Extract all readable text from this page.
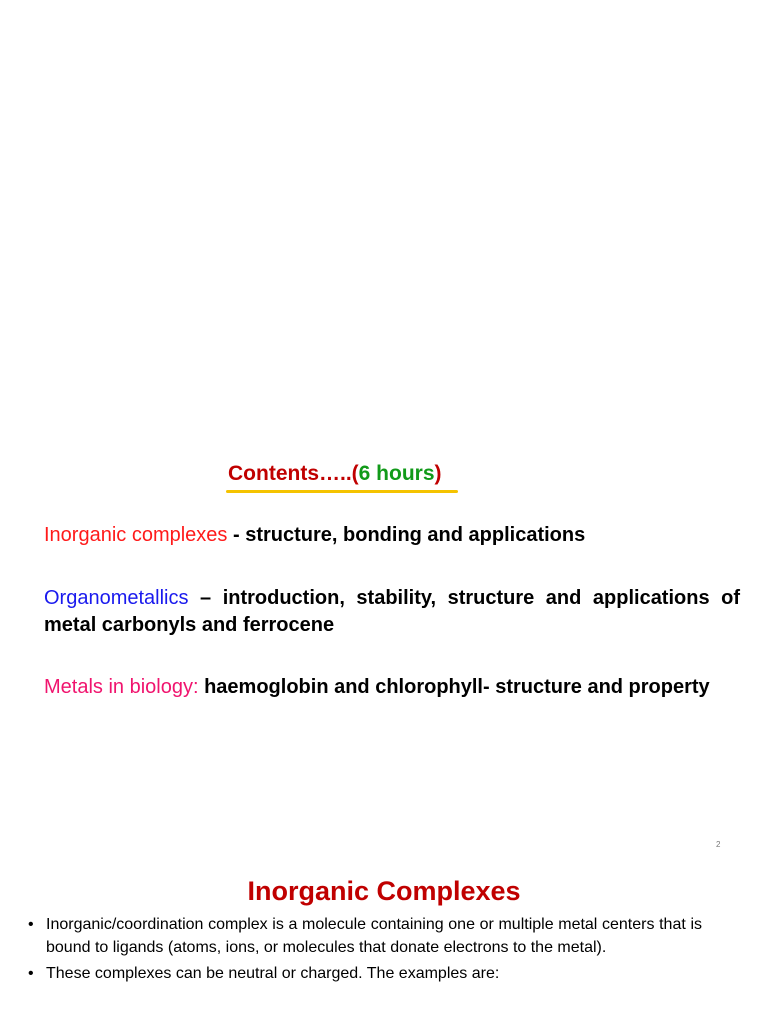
Contents…..(6 hours)
Inorganic complexes - structure, bonding and applications
Organometallics – introduction, stability, structure and applications of metal carbonyls and ferrocene
Metals in biology: haemoglobin and chlorophyll- structure and property
2
Inorganic Complexes
• Inorganic/coordination complex is a molecule containing one or multiple metal centers that is bound to ligands (atoms, ions, or molecules that donate electrons to the metal).
• These complexes can be neutral or charged. The examples are:
